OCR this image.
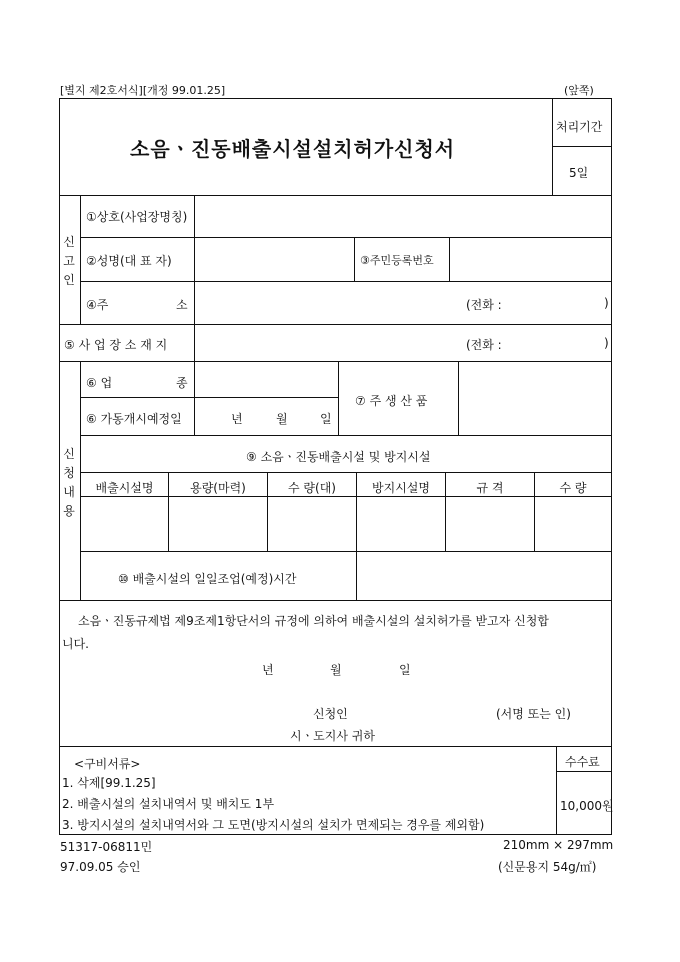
[별지 제2호서식][개정 99.01.25]	(앞쪽)
소음ㆍ진동배출시설설치허가신청서
처리기간
5일
신
고
인
①상호(사업장명칭)
②성명(대 표 자)	③주민등록번호
④주	소	(전화 :	)
⑤ 사 업 장 소 재 지	(전화 :	)
신
청
내
용
⑥ 업	종
⑥ 가동개시예정일	년	월	일
⑦ 주 생 산 품
⑨ 소음ㆍ진동배출시설 및 방지시설
배출시설명	용량(마력)	수 량(대)	방지시설명	규 격	수 량
⑩ 배출시설의 일일조업(예정)시간
소음ㆍ진동규제법 제9조제1항단서의 규정에 의하여 배출시설의 설치허가를 받고자 신청합
니다.
년	월	일
신청인	(서명 또는 인)
시ㆍ도지사 귀하
<구비서류>
1. 삭제[99.1.25]
2. 배출시설의 설치내역서 및 배치도 1부
3. 방지시설의 설치내역서와 그 도면(방지시설의 설치가 면제되는 경우를 제외함)
수수료
10,000원
51317-06811민
97.09.05 승인
210mm × 297mm
(신문용지 54g/㎡)
